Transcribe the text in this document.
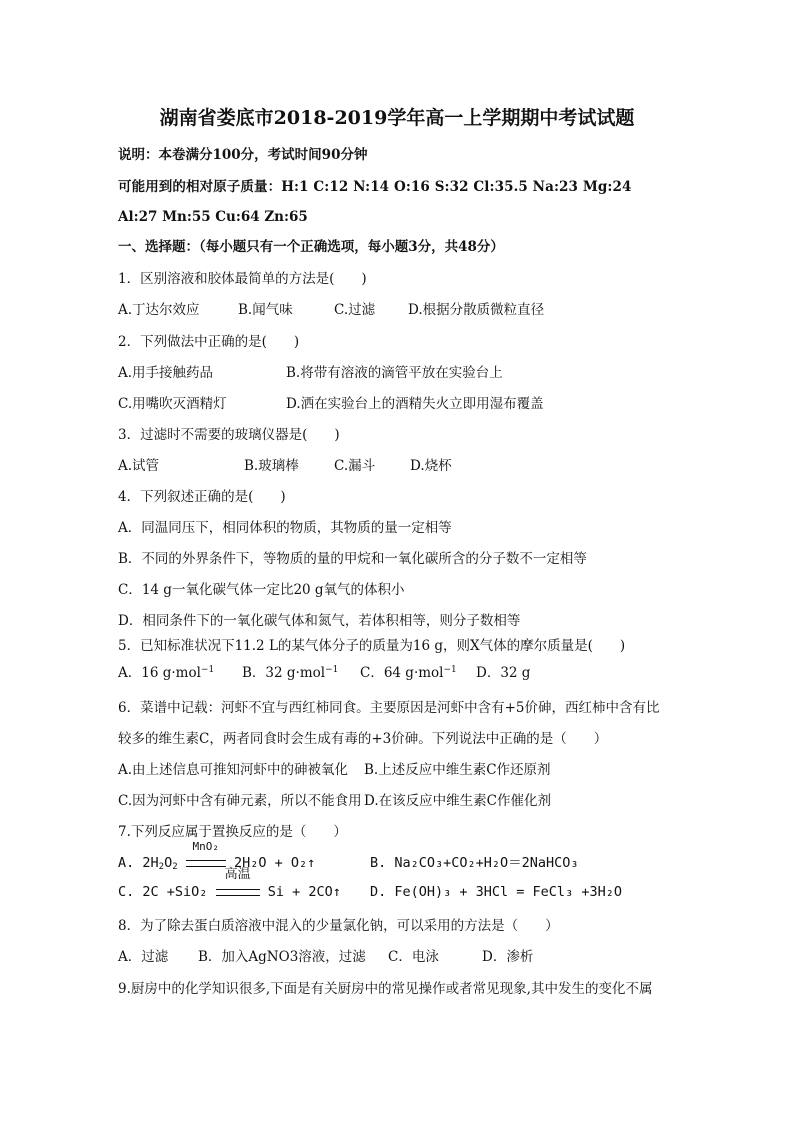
湖南省娄底市2018-2019学年高一上学期期中考试试题
说明：本卷满分100分，考试时间90分钟
可能用到的相对原子质量：H:1 C:12 N:14 O:16 S:32 Cl:35.5 Na:23 Mg:24
Al:27 Mn:55 Cu:64 Zn:65
一、选择题：（每小题只有一个正确选项，每小题3分，共48分）
1．区别溶液和胶体最简单的方法是(　　)
A.丁达尔效应	B.闻气味	C.过滤 D.根据分散质微粒直径
2．下列做法中正确的是(　　)
A.用手接触药品	B.将带有溶液的滴管平放在实验台上
C.用嘴吹灭酒精灯	D.洒在实验台上的酒精失火立即用湿布覆盖
3．过滤时不需要的玻璃仪器是(　　)
A.试管	B.玻璃棒	C.漏斗	D.烧杯
4．下列叙述正确的是(　　)
A．同温同压下，相同体积的物质，其物质的量一定相等
B．不同的外界条件下，等物质的量的甲烷和一氧化碳所含的分子数不一定相等
C．14 g一氧化碳气体一定比20 g氧气的体积小
D．相同条件下的一氧化碳气体和氮气，若体积相等，则分子数相等
5．已知标准状况下11.2 L的某气体分子的质量为16 g，则X气体的摩尔质量是(　　)
A．16 g·mol$^{-1}$ B．32 g·mol$^{-1}$ C．64 g·mol$^{-1}$ D．32 g
6．菜谱中记载：河虾不宜与西红柿同食。主要原因是河虾中含有+5价砷，西红柿中含有比
较多的维生素C，两者同食时会生成有毒的+3价砷。下列说法中正确的是（　　）
A.由上述信息可推知河虾中的砷被氧化 B.上述反应中维生素C作还原剂
C.因为河虾中含有砷元素，所以不能食用 D.在该反应中维生素C作催化剂
7.下列反应属于置换反应的是（　　）
A. $2H_2O_2$
MnO₂
2H₂O + O₂↑	B. Na₂CO₃+CO₂+H₂O＝2NaHCO₃
C. 2C +SiO₂
高温
Si + 2CO↑ D. Fe(OH)₃ + 3HCl = FeCl₃ +3H₂O
8．为了除去蛋白质溶液中混入的少量氯化钠，可以采用的方法是（　　）
A．过滤 B．加入AgNO3溶液，过滤 C．电泳	D．渗析
9.厨房中的化学知识很多,下面是有关厨房中的常见操作或者常见现象,其中发生的变化不属
